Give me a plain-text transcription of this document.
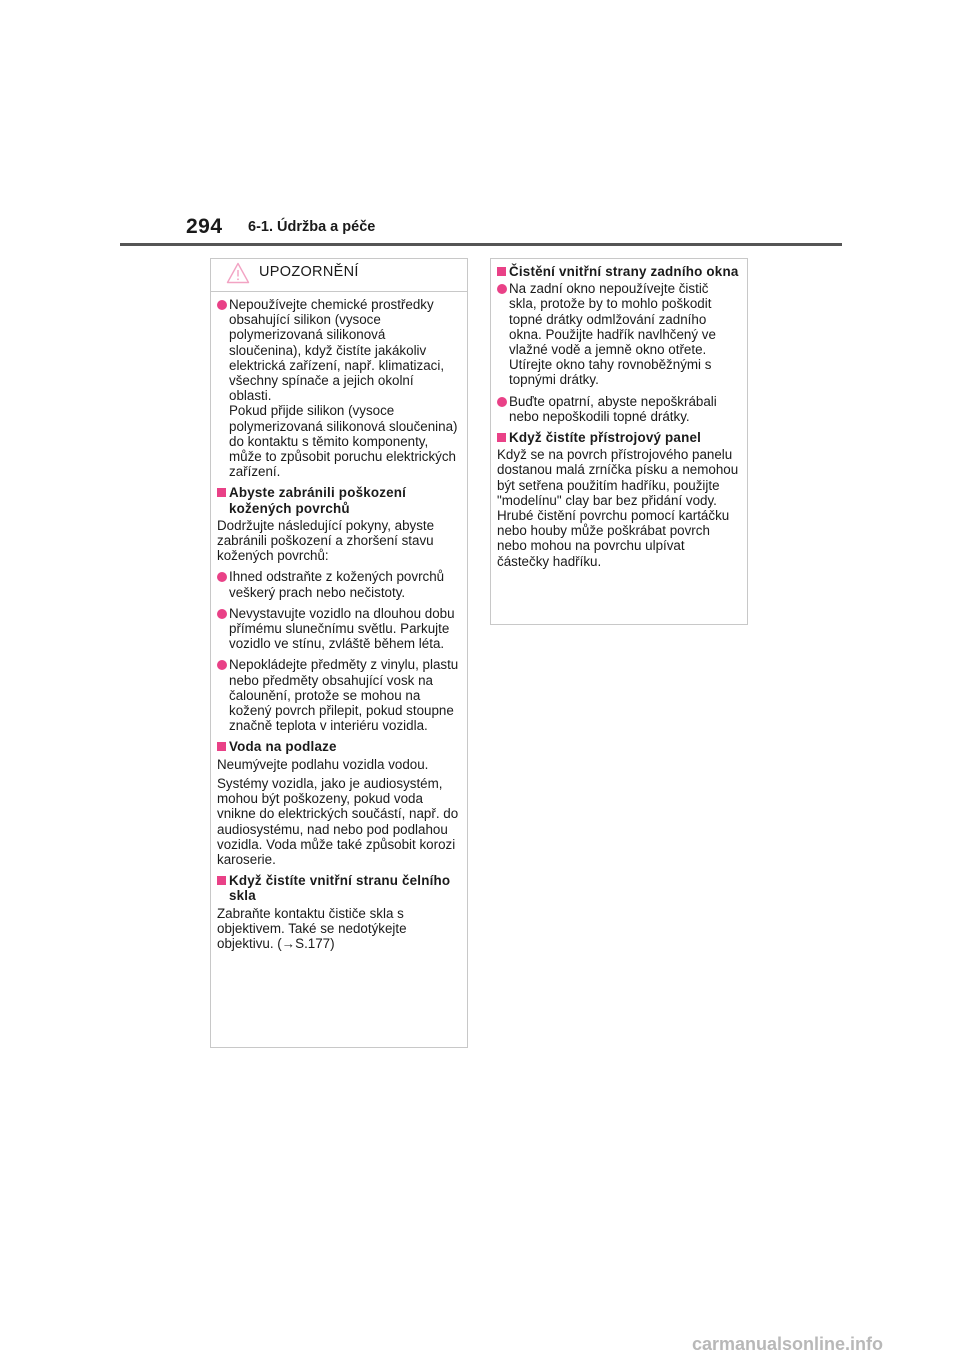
294 6-1. Údržba a péče
UPOZORNĚNÍ
Nepoužívejte chemické prostředky obsahující silikon (vysoce polymerizovaná silikonová sloučenina), když čistíte jakákoliv elektrická zařízení, např. klimatizaci, všechny spínače a jejich okolní oblasti.
Pokud přijde silikon (vysoce polymerizovaná silikonová sloučenina) do kontaktu s těmito komponenty, může to způsobit poruchu elektrických zařízení.
Abyste zabránili poškození kožených povrchů
Dodržujte následující pokyny, abyste zabránili poškození a zhoršení stavu kožených povrchů:
Ihned odstraňte z kožených povrchů veškerý prach nebo nečistoty.
Nevystavujte vozidlo na dlouhou dobu přímému slunečnímu světlu. Parkujte vozidlo ve stínu, zvláště během léta.
Nepokládejte předměty z vinylu, plastu nebo předměty obsahující vosk na čalounění, protože se mohou na kožený povrch přilepit, pokud stoupne značně teplota v interiéru vozidla.
Voda na podlaze
Neumývejte podlahu vozidla vodou.
Systémy vozidla, jako je audiosystém, mohou být poškozeny, pokud voda vnikne do elektrických součástí, např. do audiosystému, nad nebo pod podlahou vozidla. Voda může také způsobit korozi karoserie.
Když čistíte vnitřní stranu čelního skla
Zabraňte kontaktu čističe skla s objektivem. Také se nedotýkejte objektivu. (→S.177)
Čistění vnitřní strany zadního okna
Na zadní okno nepoužívejte čistič skla, protože by to mohlo poškodit topné drátky odmlžování zadního okna. Použijte hadřík navlhčený ve vlažné vodě a jemně okno otřete. Utírejte okno tahy rovnoběžnými s topnými drátky.
Buďte opatrní, abyste nepoškrábali nebo nepoškodili topné drátky.
Když čistíte přístrojový panel
Když se na povrch přístrojového panelu dostanou malá zrníčka písku a nemohou být setřena použitím hadříku, použijte "modelínu" clay bar bez přidání vody. Hrubé čistění povrchu pomocí kartáčku nebo houby může poškrábat povrch nebo mohou na povrchu ulpívat částečky hadříku.
carmanualsonline.info
